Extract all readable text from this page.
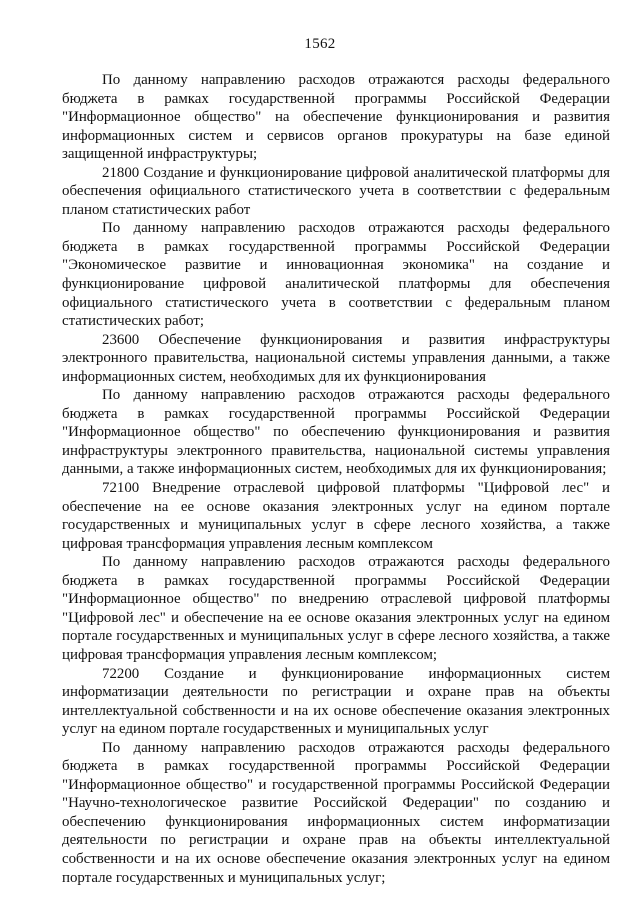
1562

По данному направлению расходов отражаются расходы федерального бюджета в рамках государственной программы Российской Федерации "Информационное общество" на обеспечение функционирования и развития информационных систем и сервисов органов прокуратуры на базе единой защищенной инфраструктуры;

21800 Создание и функционирование цифровой аналитической платформы для обеспечения официального статистического учета в соответствии с федеральным планом статистических работ

По данному направлению расходов отражаются расходы федерального бюджета в рамках государственной программы Российской Федерации "Экономическое развитие и инновационная экономика" на создание и функционирование цифровой аналитической платформы для обеспечения официального статистического учета в соответствии с федеральным планом статистических работ;

23600 Обеспечение функционирования и развития инфраструктуры электронного правительства, национальной системы управления данными, а также информационных систем, необходимых для их функционирования

По данному направлению расходов отражаются расходы федерального бюджета в рамках государственной программы Российской Федерации "Информационное общество" по обеспечению функционирования и развития инфраструктуры электронного правительства, национальной системы управления данными, а также информационных систем, необходимых для их функционирования;

72100 Внедрение отраслевой цифровой платформы "Цифровой лес" и обеспечение на ее основе оказания электронных услуг на едином портале государственных и муниципальных услуг в сфере лесного хозяйства, а также цифровая трансформация управления лесным комплексом

По данному направлению расходов отражаются расходы федерального бюджета в рамках государственной программы Российской Федерации "Информационное общество" по внедрению отраслевой цифровой платформы "Цифровой лес" и обеспечение на ее основе оказания электронных услуг на едином портале государственных и муниципальных услуг в сфере лесного хозяйства, а также цифровая трансформация управления лесным комплексом;

72200 Создание и функционирование информационных систем информатизации деятельности по регистрации и охране прав на объекты интеллектуальной собственности и на их основе обеспечение оказания электронных услуг на едином портале государственных и муниципальных услуг

По данному направлению расходов отражаются расходы федерального бюджета в рамках государственной программы Российской Федерации "Информационное общество" и государственной программы Российской Федерации "Научно-технологическое развитие Российской Федерации" по созданию и обеспечению функционирования информационных систем информатизации деятельности по регистрации и охране прав на объекты интеллектуальной собственности и на их основе обеспечение оказания электронных услуг на едином портале государственных и муниципальных услуг;
